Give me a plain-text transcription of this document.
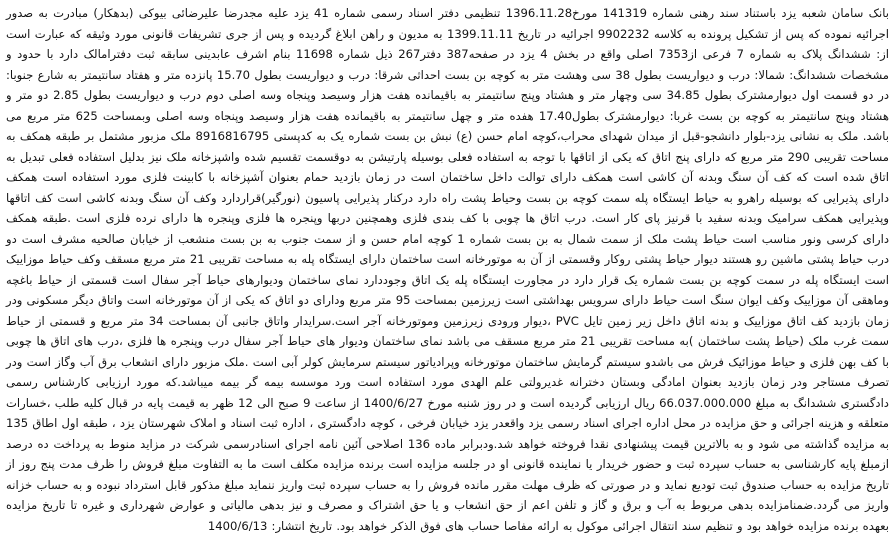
بانک سامان شعبه یزد باستناد سند رهنی شماره 141319 مورخ1396.11.28 تنظیمی دفتر اسناد رسمی شماره 41 یزد علیه مجدرضا علیرضائی بیوکی (بدهکار) مبادرت به صدور اجرائیه نموده که پس از تشکیل پرونده به کلاسه 9902232 اجرائیه در تاریخ 1399.11.11 به مدیون و راهن ابلاغ گردیده و پس از جری تشریفات قانونی مورد وثیقه که عبارت است از: ششدانگ پلاک به شماره 7 فرعی از7353 اصلی واقع در بخش 4 یزد در صفحه387 دفتر267 ذیل شماره 11698 بنام اشرف عابدینی سابقه ثبت دفترامالک دارد با حدود و مشخصات ششدانگ: شمالا: درب و دیواریست بطول 38 سی وهشت متر به کوچه بن بست احداثی شرقا: درب و دیواریست بطول 15.70 پانزده متر و هفتاد سانتیمتر به شارع جنوبا: در دو قسمت اول دیوارمشترک بطول 34.85 سی وچهار متر و هشتاد وپنج سانتیمتر به باقیمانده هفت هزار وسیصد وپنجاه وسه اصلی دوم درب و دیواریست بطول 2.85 دو متر و هشتاد وپنج سانتیمتر به کوچه بن بست غربا: دیوارمشترک بطول17.40 هفده متر و چهل سانتیمتر به باقیمانده هفت هزار وسیصد وپنجاه وسه اصلی وبمساحت 625 متر مربع می باشد. ملک به نشانی یزد-بلوار دانشجو-قبل از میدان شهدای محراب،کوچه امام حسن (ع) نبش بن بست شماره یک به کدپستی 8916816795 ملک مزبور مشتمل بر طبقه همکف به مساحت تقریبی 290 متر مربع که دارای پنج اتاق که یکی از اتاقها با توجه به استفاده فعلی بوسیله پارتیشن به دوقسمت تقسیم شده واشپزخانه ملک نیز بدلیل استفاده فعلی تبدیل به اتاق شده است که کف آن سنگ وبدنه آن کاشی است همکف دارای توالت داخل ساختمان است در زمان بازدید حمام بعنوان آشپزخانه با کابینت فلزی مورد استفاده است همکف دارای پذیرایی که بوسیله راهرو به حیاط ایستگاه پله سمت کوچه بن بست وحیاط پشت راه دارد درکنار پذیرایی پاسیون (نورگیر)قراردارد وکف آن سنگ وبدنه کاشی است کف اتاقها وپذیرایی همکف سرامیک وبدنه سفید با قرنیز پای کار است. درب اتاق ها چوبی با کف بندی فلزی وهمچنین دربها وپنجره ها فلزی وپنجره ها دارای نرده فلزی است .طبقه همکف دارای کرسی ونور مناسب است حیاط پشت ملک از سمت شمال به بن بست شماره 1 کوچه امام حسن و از سمت جنوب به بن بست منشعب از خیابان صالحیه مشرف است دو درب حیاط پشتی ماشین رو هستند دیوار حیاط پشتی روکار وقسمتی از آن به موتورخانه است ساختمان دارای ایستگاه پله به مساحت تقریبی 21 متر مربع مسقف وکف حیاط موزاییک است ایستگاه پله در سمت کوچه بن بست شماره یک قرار دارد در مجاورت ایستگاه پله یک اتاق وجوددارد نمای ساختمان ودیوارهای حیاط آجر سفال است قسمتی از حیاط باغچه وماهقی آن موزاییک وکف ایوان سنگ است حیاط دارای سرویس بهداشتی است زیرزمین بمساحت 95 متر مربع ودارای دو اتاق که یکی از آن موتورخانه است واتاق دیگر مسکونی ودر زمان بازدید کف اتاق موزاییک و بدنه اتاق داخل زیر زمین تایل PVC ،دیوار ورودی زیرزمین وموتورخانه آجر است.سرایدار واتاق جانبی آن بمساحت 34 متر مربع و قسمتی از حیاط سمت غرب ملک (حیاط پشت ساختمان )به مساحت تقریبی 21 متر مربع مسقف می باشد نمای ساختمان ودیوار های حیاط آجر سفال درب وپنجره ها فلزی ،درب های اتاق ها چوبی با کف بهن فلزی و حیاط موزائیک فرش می باشدو سیستم گرمایش ساختمان موتورخانه وپرادیاتور سیستم سرمایش کولر آبی است .ملک مزبور دارای انشعاب برق آب وگاز است ودر تصرف مستاجر ودر زمان بازدید بعنوان امادگی وبستان دخترانه غدیرولتی علم الهدی مورد استفاده است ورد موسسه بیمه گر بیمه میباشد.که مورد ارزیابی کارشناس رسمی دادگستری ششدانگ به مبلغ 66.037.000.000 ریال ارزیابی گردیده است و در روز شنبه مورخ 1400/6/27 از ساعت 9 صبح الی 12 ظهر به قیمت پایه در قبال کلیه طلب ،خسارات متعلقه و هزینه اجرائی و حق مزایده در محل اداره اجرای اسناد رسمی یزد واقعدر یزد خیابان فرخی ، کوچه دادگستری ، اداره ثبت اسناد و املاک شهرستان یزد ، طبقه اول اطاق 135 به مزایده گذاشته می شود و به بالاترین قیمت پیشنهادی نقدا فروخته خواهد شد.ودبرابر ماده 136 اصلاحی آئین نامه اجرای اسنادرسمی شرکت در مزاید منوط به پرداخت ده درصد ازمبلغ پایه کارشناسی به حساب سپرده ثبت و حضور خریدار یا نماینده قانونی او در جلسه مزایده است برنده مزایده مکلف است ما به التفاوت مبلغ فروش را ظرف مدت پنج روز از تاریخ مزایده به حساب صندوق ثبت تودیع نماید و در صورتی که ظرف مهلت مقرر مانده فروش را به حساب سپرده ثبت واریز ننماید مبلغ مذکور قابل استرداد نبوده و به حساب خزانه واریز می گردد.ضمنامزایده بدهی مربوط به آب و برق و گاز و تلفن اعم از حق انشعاب و یا حق اشتراک و مصرف و نیز بدهی مالیاتی و عوارض شهرداری و غیره تا تاریخ مزایده بعهده برنده مزایده خواهد بود و تنظیم سند انتقال اجرائی موکول به ارائه مفاصا حساب های فوق الذکر خواهد بود. تاریخ انتشار: 1400/6/13
